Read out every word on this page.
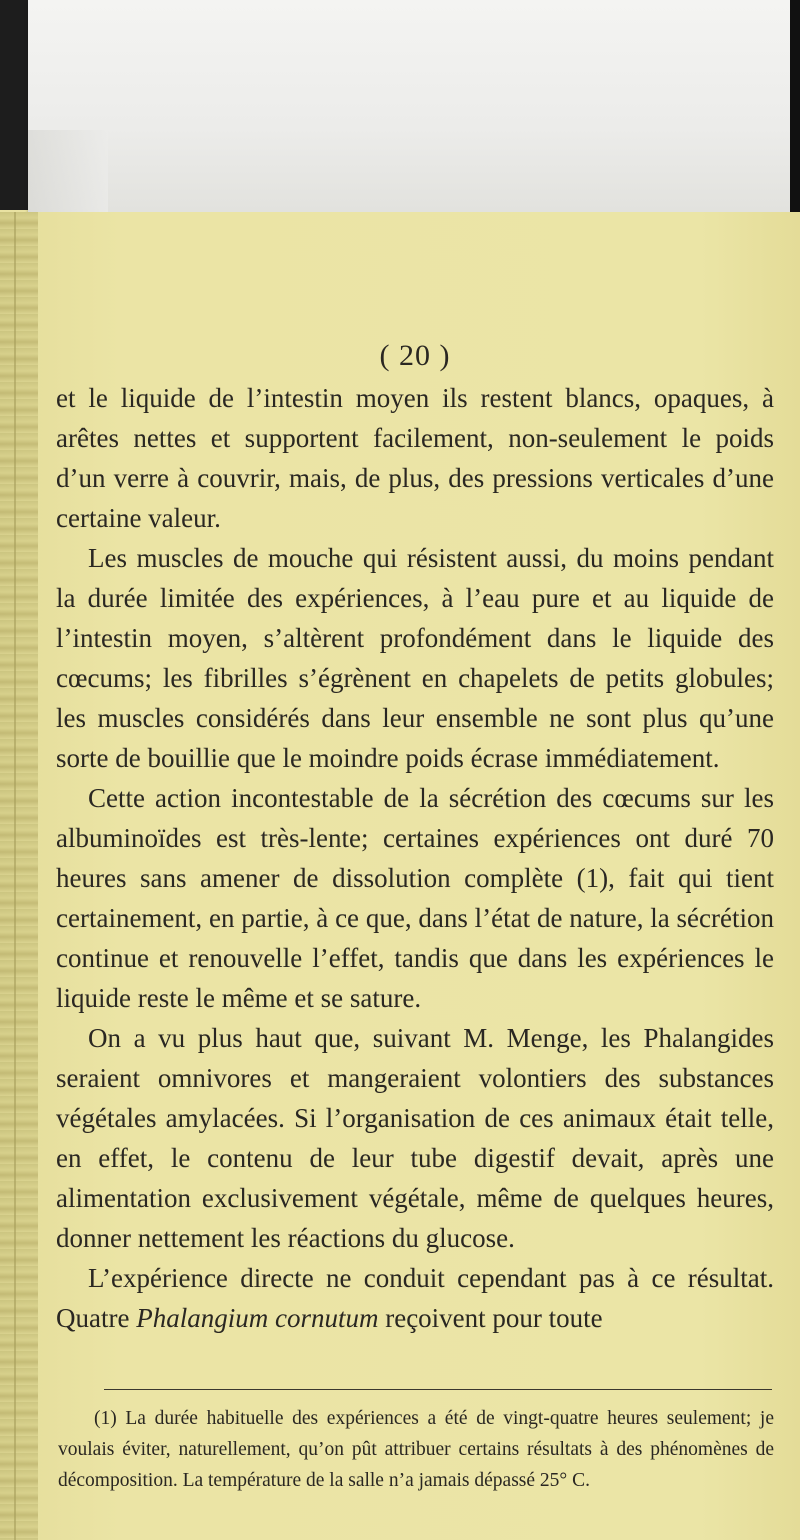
( 20 )

et le liquide de l’intestin moyen ils restent blancs, opaques, à arêtes nettes et supportent facilement, non-seulement le poids d’un verre à couvrir, mais, de plus, des pressions verticales d’une certaine valeur.

Les muscles de mouche qui résistent aussi, du moins pendant la durée limitée des expériences, à l’eau pure et au liquide de l’intestin moyen, s’altèrent profondément dans le liquide des cœcums; les fibrilles s’égrènent en chapelets de petits globules; les muscles considérés dans leur ensemble ne sont plus qu’une sorte de bouillie que le moindre poids écrase immédiatement.

Cette action incontestable de la sécrétion des cœcums sur les albuminoïdes est très-lente; certaines expériences ont duré 70 heures sans amener de dissolution complète (1), fait qui tient certainement, en partie, à ce que, dans l’état de nature, la sécrétion continue et renouvelle l’effet, tandis que dans les expériences le liquide reste le même et se sature.

On a vu plus haut que, suivant M. Menge, les Phalangides seraient omnivores et mangeraient volontiers des substances végétales amylacées. Si l’organisation de ces animaux était telle, en effet, le contenu de leur tube digestif devait, après une alimentation exclusivement végétale, même de quelques heures, donner nettement les réactions du glucose.

L’expérience directe ne conduit cependant pas à ce résultat. Quatre Phalangium cornutum reçoivent pour toute

(1) La durée habituelle des expériences a été de vingt-quatre heures seulement; je voulais éviter, naturellement, qu’on pût attribuer certains résultats à des phénomènes de décomposition. La température de la salle n’a jamais dépassé 25° C.
